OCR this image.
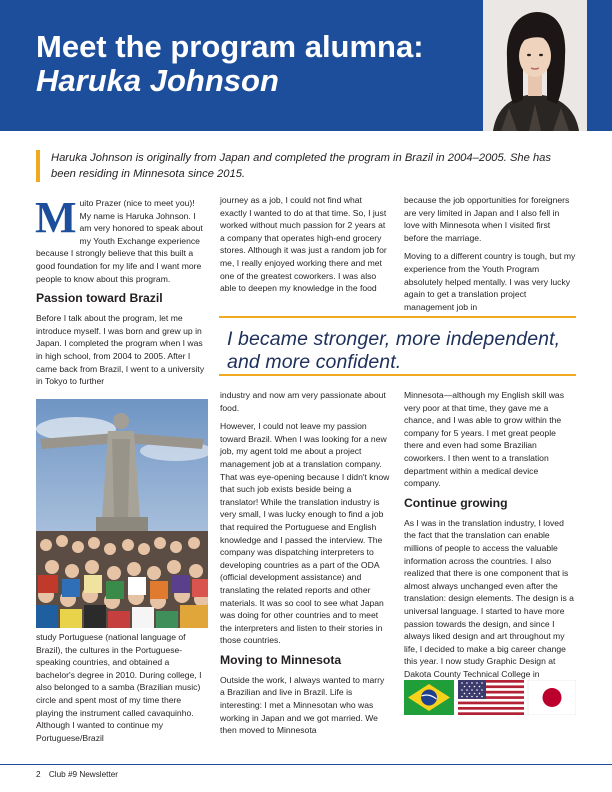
Meet the program alumna:
Haruka Johnson
Haruka Johnson is originally from Japan and completed the program in Brazil in 2004–2005. She has been residing in Minnesota since 2015.

Muito Prazer (nice to meet you)! My name is Haruka Johnson. I am very honored to speak about my Youth Exchange experience because I strongly believe that this built a good foundation for my life and I want more people to know about this program.

Passion toward Brazil

Before I talk about the program, let me introduce myself. I was born and grew up in Japan. I completed the program when I was in high school, from 2004 to 2005. After I came back from Brazil, I went to a university in Tokyo to further

study Portuguese (national language of Brazil), the cultures in the Portuguese-speaking countries, and obtained a bachelor's degree in 2010. During college, I also belonged to a samba (Brazilian music) circle and spent most of my time there playing the instrument called cavaquinho. Although I wanted to continue my Portuguese/Brazil

journey as a job, I could not find what exactly I wanted to do at that time. So, I just worked without much passion for 2 years at a company that operates high-end grocery stores. Although it was just a random job for me, I really enjoyed working there and met one of the greatest coworkers. I was also able to deepen my knowledge in the food

because the job opportunities for foreigners are very limited in Japan and I also fell in love with Minnesota when I visited first before the marriage.

Moving to a different country is tough, but my experience from the Youth Program absolutely helped mentally. I was very lucky again to get a translation project management job in

I became stronger, more independent, and more confident.

industry and now am very passionate about food.

However, I could not leave my passion toward Brazil. When I was looking for a new job, my agent told me about a project management job at a translation company. That was eye-opening because I didn't know that such job exists beside being a translator! While the translation industry is very small, I was lucky enough to find a job that required the Portuguese and English knowledge and I passed the interview. The company was dispatching interpreters to developing countries as a part of the ODA (official development assistance) and translating the related reports and other materials. It was so cool to see what Japan was doing for other countries and to meet the interpreters and listen to their stories in those countries.

Moving to Minnesota

Outside the work, I always wanted to marry a Brazilian and live in Brazil. Life is interesting: I met a Minnesotan who was working in Japan and we got married. We then moved to Minnesota

Minnesota—although my English skill was very poor at that time, they gave me a chance, and I was able to grow within the company for 5 years. I met great people there and even had some Brazilian coworkers. I then went to a translation department within a medical device company.

Continue growing

As I was in the translation industry, I loved the fact that the translation can enable millions of people to access the valuable information across the countries. I also realized that there is one component that is almost always unchanged even after the translation: design elements. The design is a universal language. I started to have more passion towards the design, and since I always liked design and art throughout my life, I decided to make a big career change this year. I now study Graphic Design at Dakota County Technical College in

2 Club #9 Newsletter
